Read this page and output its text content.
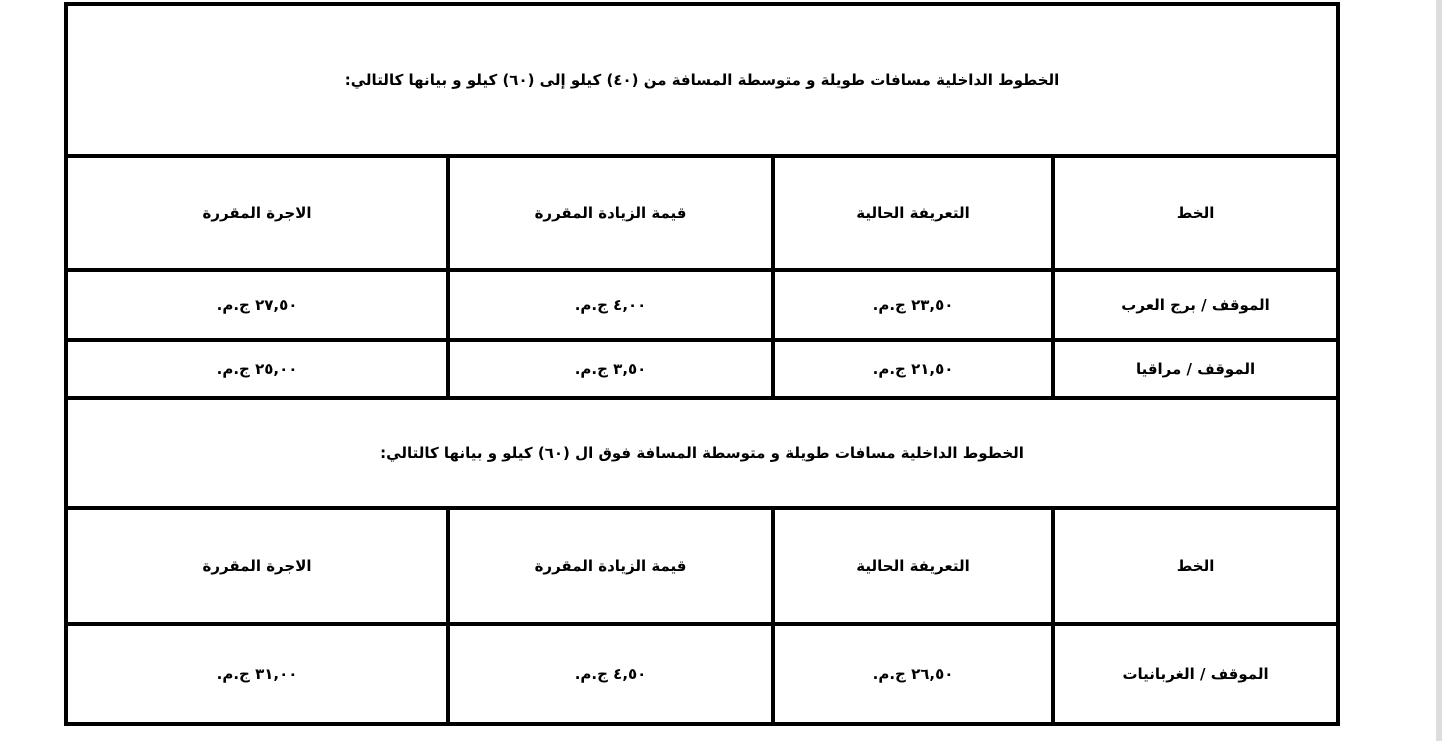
الخطوط الداخلية مسافات طويلة و متوسطة المسافة من (٤٠) كيلو إلى (٦٠) كيلو و بيانها كالتالي:			
الخط	التعريفة الحالية	قيمة الزيادة المقررة	الاجرة المقررة
الموقف / برج العرب	٢٣,٥٠ ج.م.	٤,٠٠ ج.م.	٢٧,٥٠ ج.م.
الموقف / مراقيا	٢١,٥٠ ج.م.	٣,٥٠ ج.م.	٢٥,٠٠ ج.م.
الخطوط الداخلية مسافات طويلة و متوسطة المسافة فوق ال (٦٠) كيلو و بيانها كالتالي:			
الخط	التعريفة الحالية	قيمة الزيادة المقررة	الاجرة المقررة
الموقف / الغربانيات	٢٦,٥٠ ج.م.	٤,٥٠ ج.م.	٣١,٠٠ ج.م.
